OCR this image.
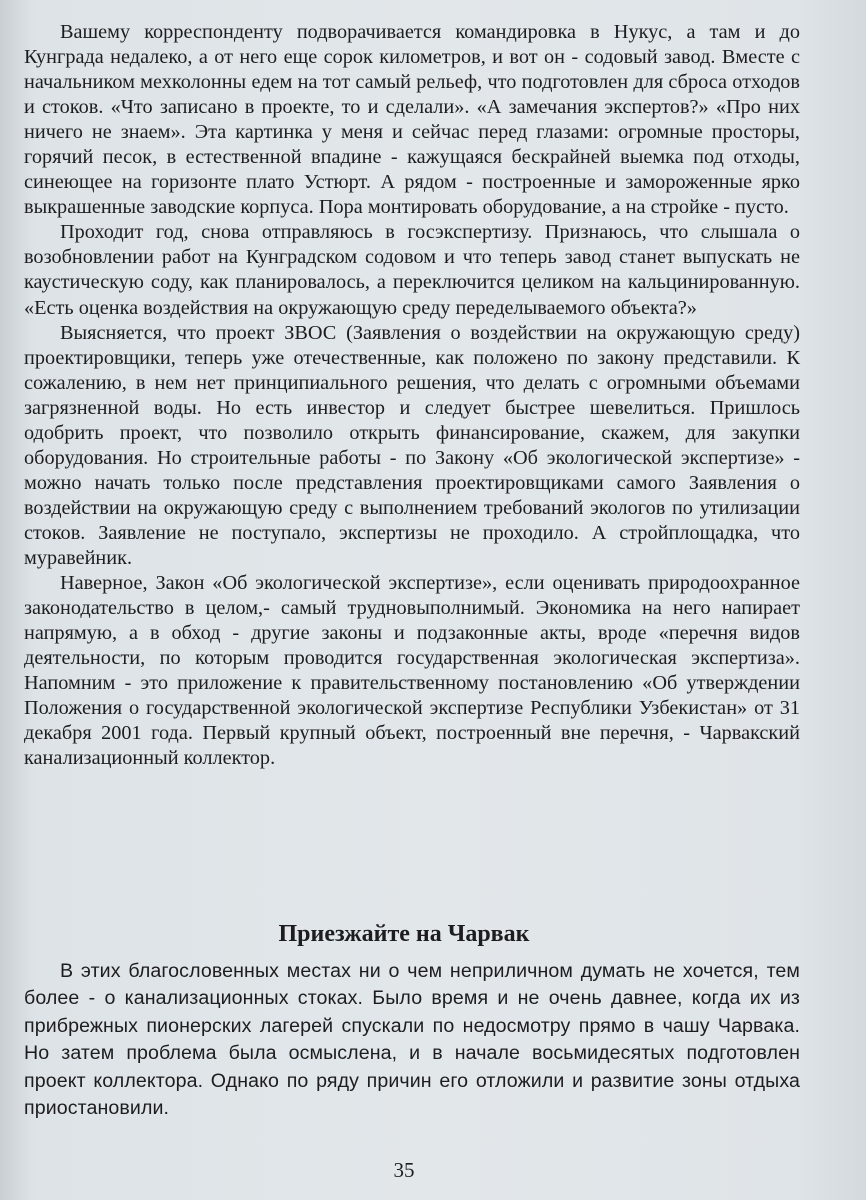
Вашему корреспонденту подворачивается командировка в Нукус, а там и до Кунграда недалеко, а от него еще сорок километров, и вот он - содовый завод. Вместе с начальником мехколонны едем на тот самый рельеф, что подготовлен для сброса отходов и стоков. «Что записано в проекте, то и сделали». «А замечания экспертов?» «Про них ничего не знаем». Эта картинка у меня и сейчас перед глазами: огромные просторы, горячий песок, в естественной впадине - кажущаяся бескрайней выемка под отходы, синеющее на горизонте плато Устюрт. А рядом - построенные и замороженные ярко выкрашенные заводские корпуса. Пора монтировать оборудование, а на стройке - пусто.

Проходит год, снова отправляюсь в госэкспертизу. Признаюсь, что слышала о возобновлении работ на Кунградском содовом и что теперь завод станет выпускать не каустическую соду, как планировалось, а переключится целиком на кальцинированную. «Есть оценка воздействия на окружающую среду переделываемого объекта?»

Выясняется, что проект ЗВОС (Заявления о воздействии на окружающую среду) проектировщики, теперь уже отечественные, как положено по закону представили. К сожалению, в нем нет принципиального решения, что делать с огромными объемами загрязненной воды. Но есть инвестор и следует быстрее шевелиться. Пришлось одобрить проект, что позволило открыть финансирование, скажем, для закупки оборудования. Но строительные работы - по Закону «Об экологической экспертизе» - можно начать только после представления проектировщиками самого Заявления о воздействии на окружающую среду с выполнением требований экологов по утилизации стоков. Заявление не поступало, экспертизы не проходило. А стройплощадка, что муравейник.

Наверное, Закон «Об экологической экспертизе», если оценивать природоохранное законодательство в целом,- самый трудновыполнимый. Экономика на него напирает напрямую, а в обход - другие законы и подзаконные акты, вроде «перечня видов деятельности, по которым проводится государственная экологическая экспертиза». Напомним - это приложение к правительственному постановлению «Об утверждении Положения о государственной экологической экспертизе Республики Узбекистан» от 31 декабря 2001 года. Первый крупный объект, построенный вне перечня, - Чарвакский канализационный коллектор.

Приезжайте на Чарвак

В этих благословенных местах ни о чем неприличном думать не хочется, тем более - о канализационных стоках. Было время и не очень давнее, когда их из прибрежных пионерских лагерей спускали по недосмотру прямо в чашу Чарвака. Но затем проблема была осмыслена, и в начале восьмидесятых подготовлен проект коллектора. Однако по ряду причин его отложили и развитие зоны отдыха приостановили.

35
